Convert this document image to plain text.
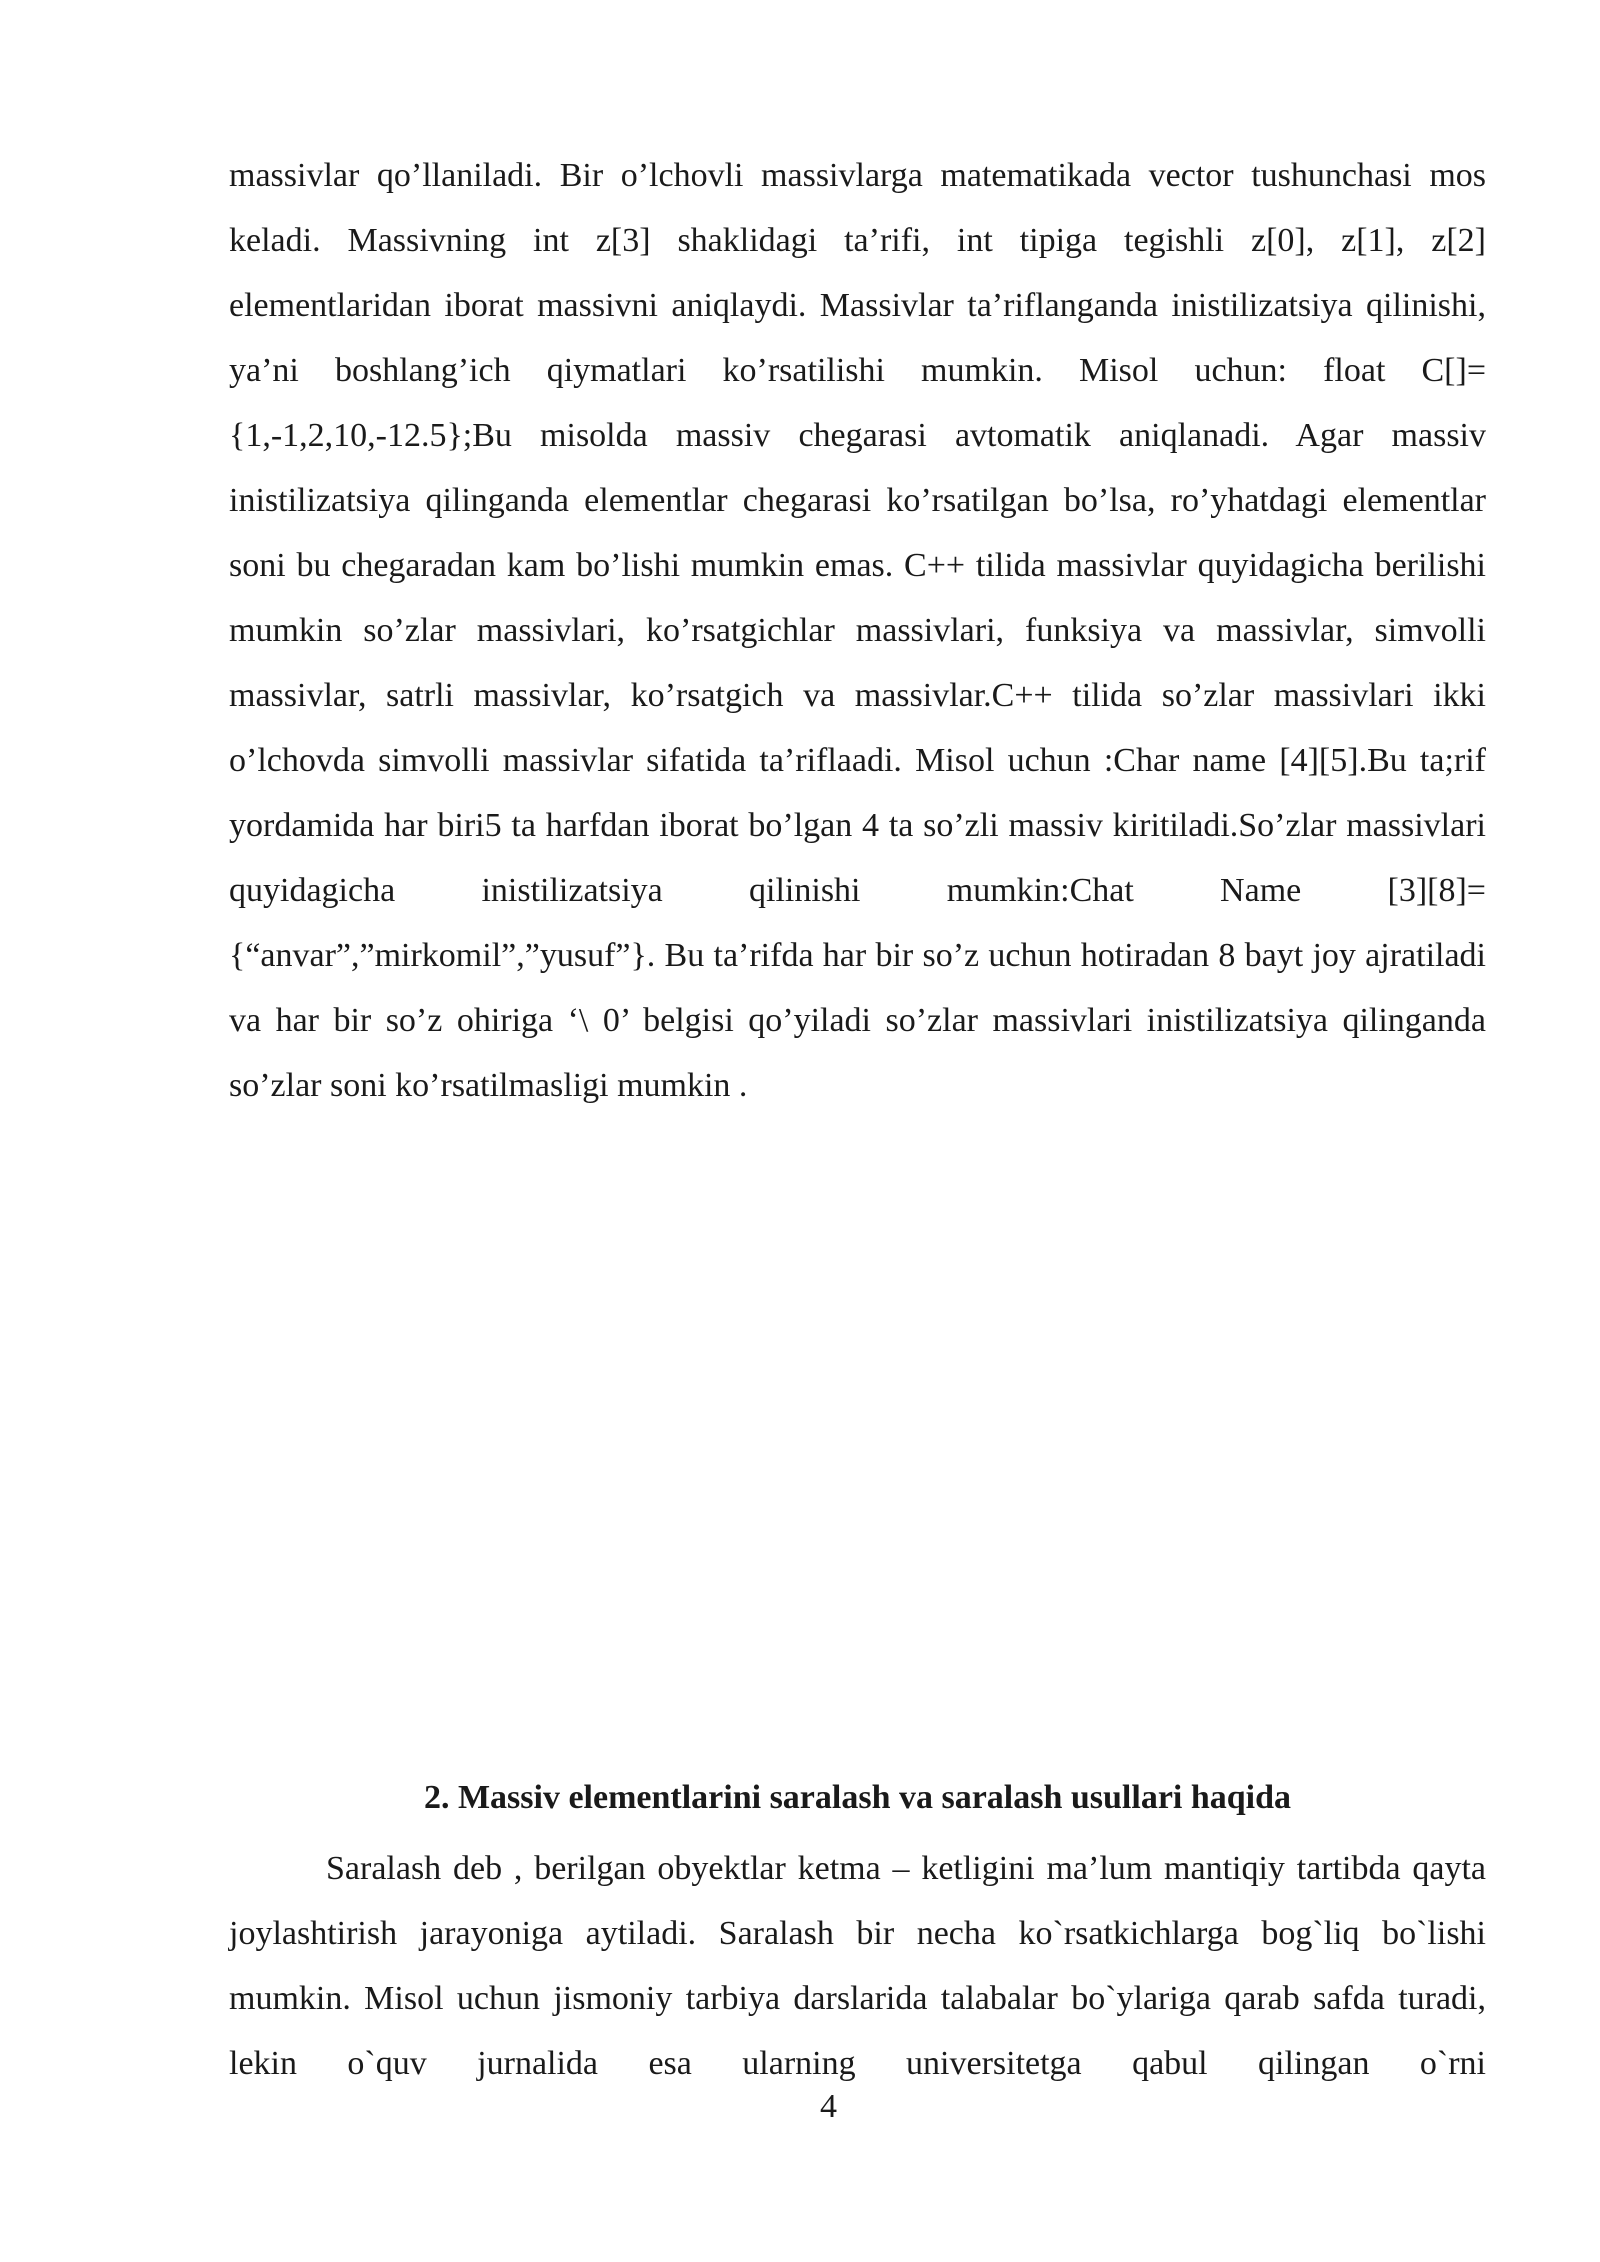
massivlar qo’llaniladi. Bir o’lchovli massivlarga matematikada vector tushunchasi mos keladi. Massivning int z[3] shaklidagi ta’rifi, int tipiga tegishli z[0], z[1], z[2] elementlaridan iborat massivni aniqlaydi. Massivlar ta’riflanganda inistilizatsiya qilinishi, ya’ni boshlang’ich qiymatlari ko’rsatilishi mumkin. Misol uchun: float C[]={1,-1,2,10,-12.5};Bu misolda massiv chegarasi avtomatik aniqlanadi. Agar massiv inistilizatsiya qilinganda elementlar chegarasi ko’rsatilgan bo’lsa, ro’yhatdagi elementlar soni bu chegaradan kam bo’lishi mumkin emas. C++ tilida massivlar quyidagicha berilishi mumkin so’zlar massivlari, ko’rsatgichlar massivlari, funksiya va massivlar, simvolli massivlar, satrli massivlar, ko’rsatgich va massivlar.C++ tilida so’zlar massivlari ikki o’lchovda simvolli massivlar sifatida ta’riflaadi. Misol uchun :Char name [4][5].Bu ta;rif yordamida har biri5 ta harfdan iborat bo’lgan 4 ta so’zli massiv kiritiladi.So’zlar massivlari quyidagicha inistilizatsiya qilinishi mumkin:Chat Name [3][8]={“anvar”,”mirkomil”,”yusuf”}. Bu ta’rifda har bir so’z uchun hotiradan 8 bayt joy ajratiladi va har bir so’z ohiriga ‘\ 0’ belgisi qo’yiladi so’zlar massivlari inistilizatsiya qilinganda so’zlar soni ko’rsatilmasligi mumkin .

2. Massiv elementlarini saralash va saralash usullari haqida

Saralash deb , berilgan obyektlar ketma – ketligini ma’lum mantiqiy tartibda qayta joylashtirish jarayoniga aytiladi. Saralash bir necha ko`rsatkichlarga bog`liq bo`lishi mumkin. Misol uchun jismoniy tarbiya darslarida talabalar bo`ylariga qarab safda turadi, lekin o`quv jurnalida esa ularning universitetga qabul qilingan o`rni

4
